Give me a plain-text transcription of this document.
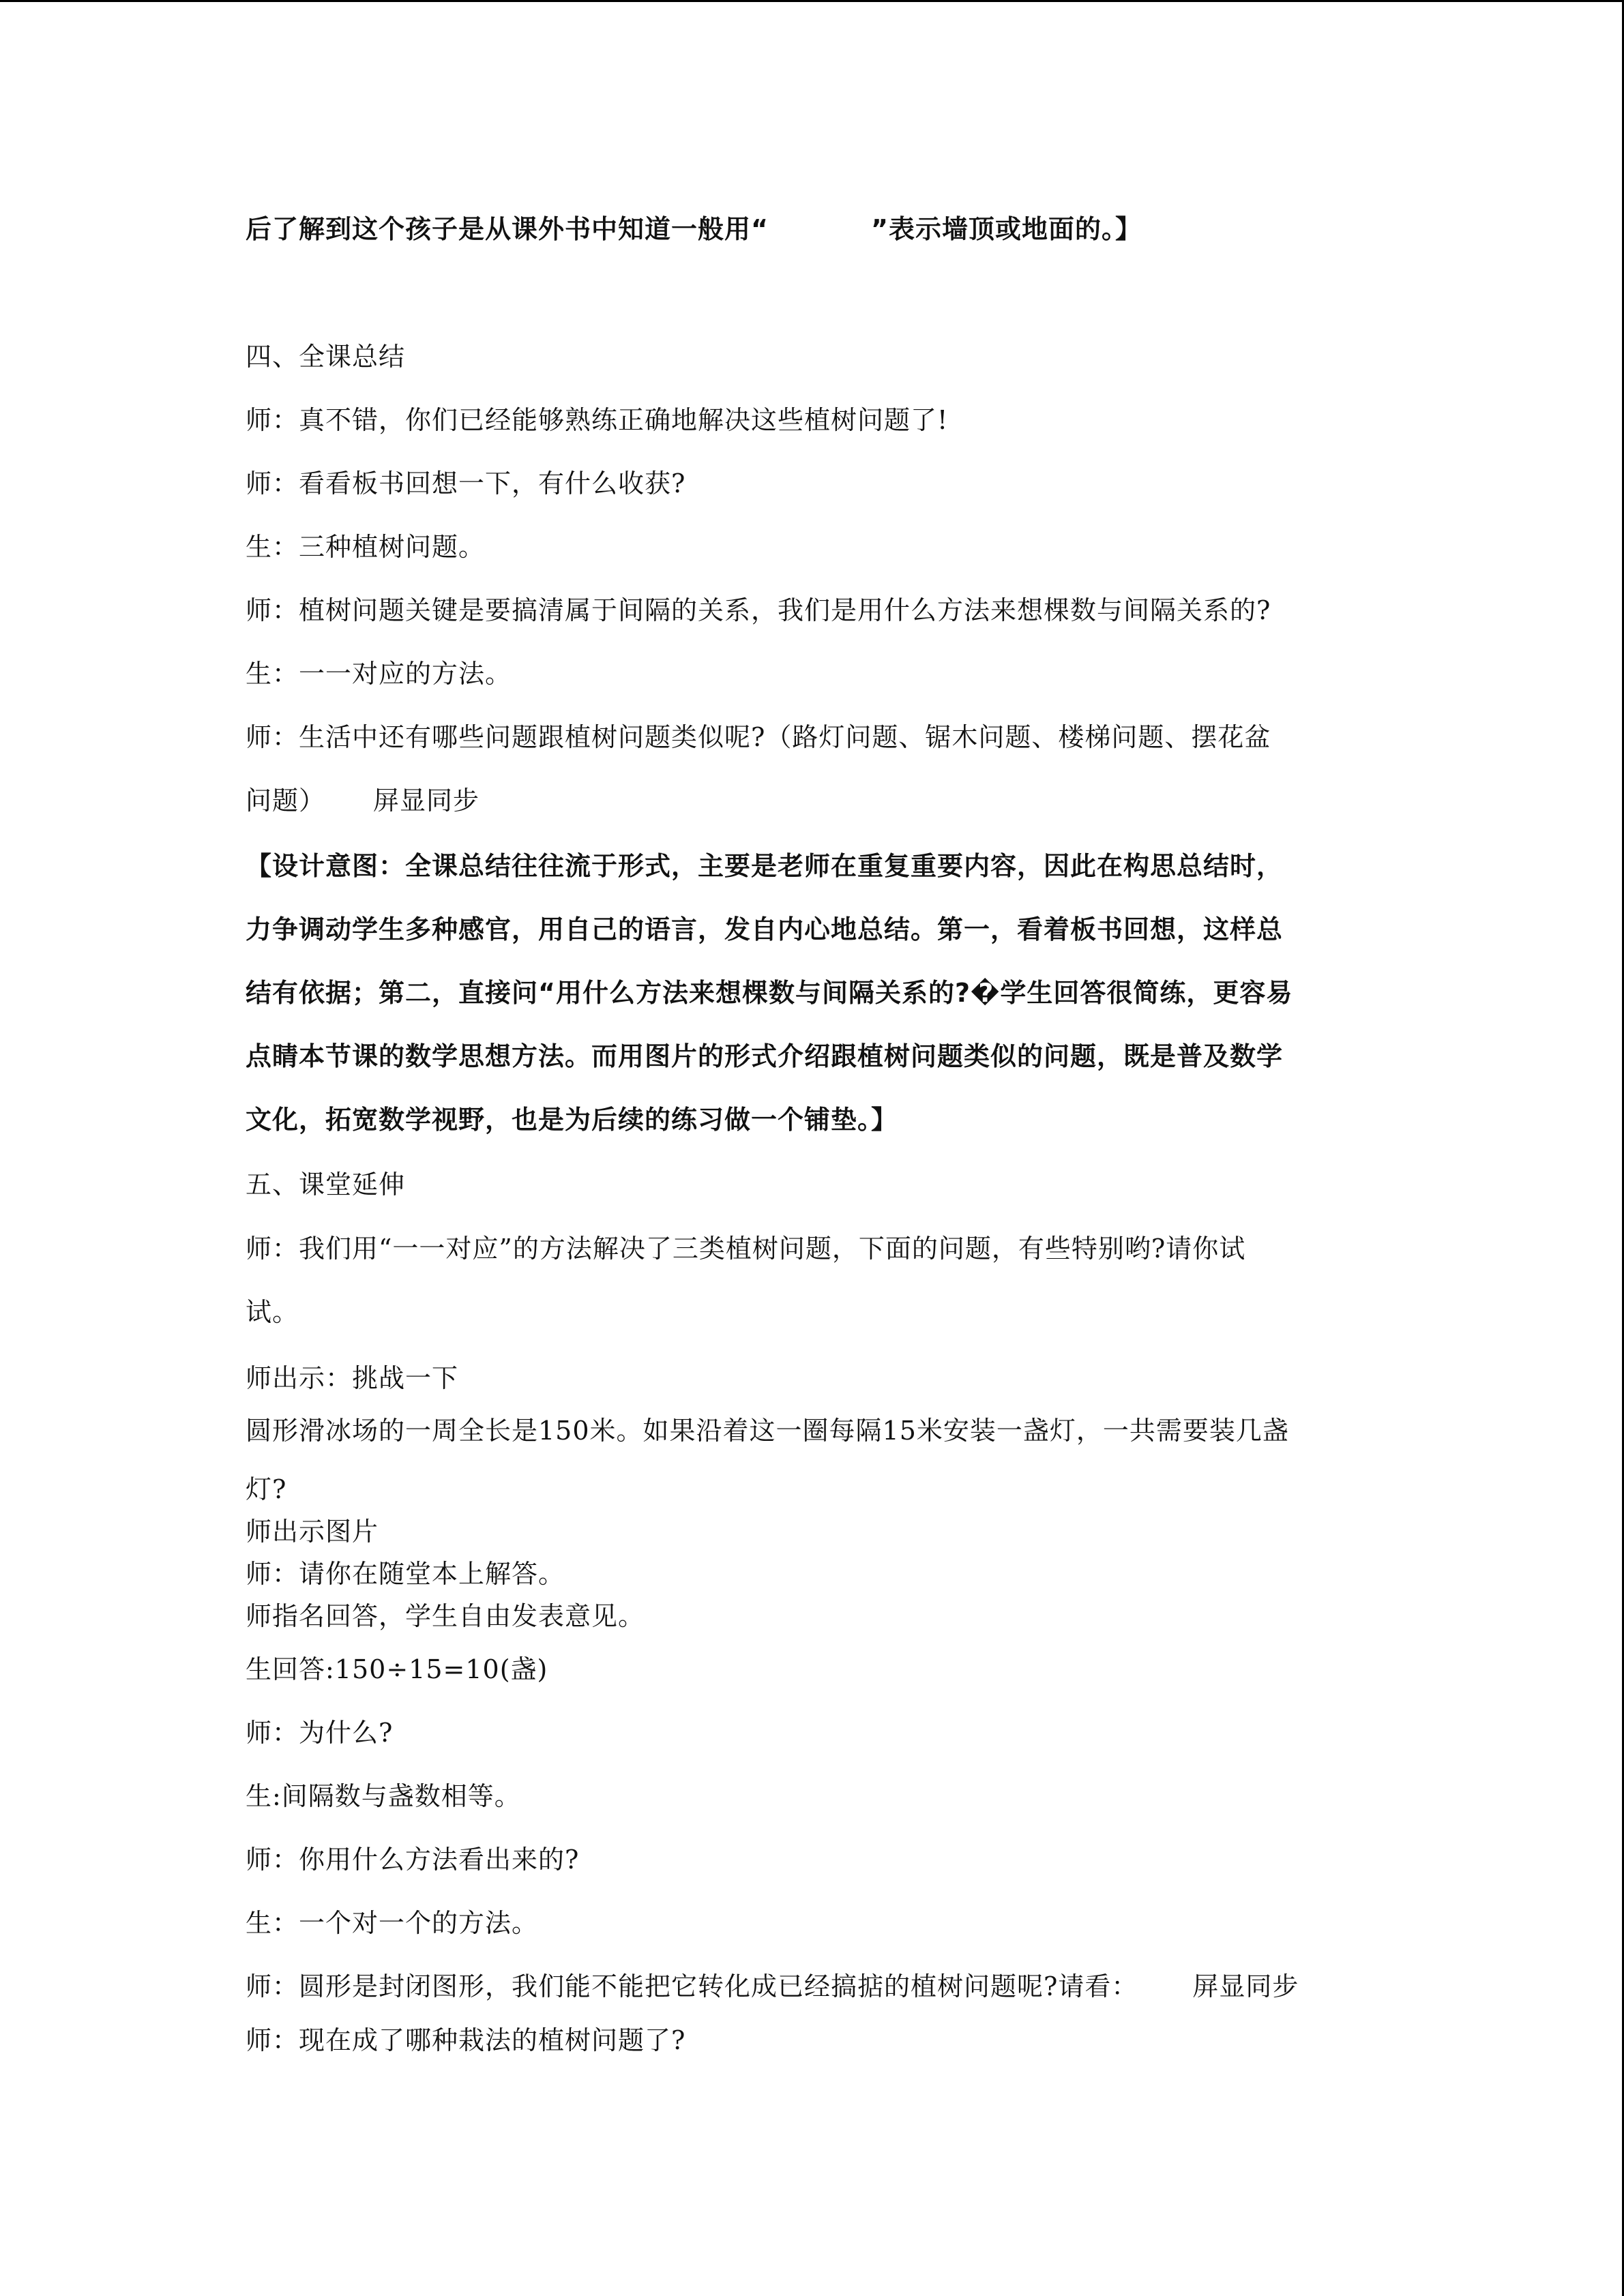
后了解到这个孩子是从课外书中知道一般用“	”表示墙顶或地面的。】
四、全课总结
师：真不错，你们已经能够熟练正确地解决这些植树问题了!
师：看看板书回想一下，有什么收获?
生：三种植树问题。
师：植树问题关键是要搞清属于间隔的关系，我们是用什么方法来想棵数与间隔关系的?
生：一一对应的方法。
师：生活中还有哪些问题跟植树问题类似呢?（路灯问题、锯木问题、楼梯问题、摆花盆
问题） 屏显同步
【设计意图：全课总结往往流于形式，主要是老师在重复重要内容，因此在构思总结时，
力争调动学生多种感官，用自己的语言，发自内心地总结。第一，看着板书回想，这样总
结有依据；第二，直接问“用什么方法来想棵数与间隔关系的?�学生回答很简练，更容易
点睛本节课的数学思想方法。而用图片的形式介绍跟植树问题类似的问题，既是普及数学
文化，拓宽数学视野，也是为后续的练习做一个铺垫。】
五、课堂延伸
师：我们用“一一对应”的方法解决了三类植树问题，下面的问题，有些特别哟?请你试
试。
师出示：挑战一下
圆形滑冰场的一周全长是150米。如果沿着这一圈每隔15米安装一盏灯，一共需要装几盏
灯?
师出示图片
师：请你在随堂本上解答。
师指名回答，学生自由发表意见。
生回答:150÷15=10(盏)
师：为什么?
生:间隔数与盏数相等。
师：你用什么方法看出来的?
生：一个对一个的方法。
师：圆形是封闭图形，我们能不能把它转化成已经搞掂的植树问题呢?请看： 屏显同步
师：现在成了哪种栽法的植树问题了?
